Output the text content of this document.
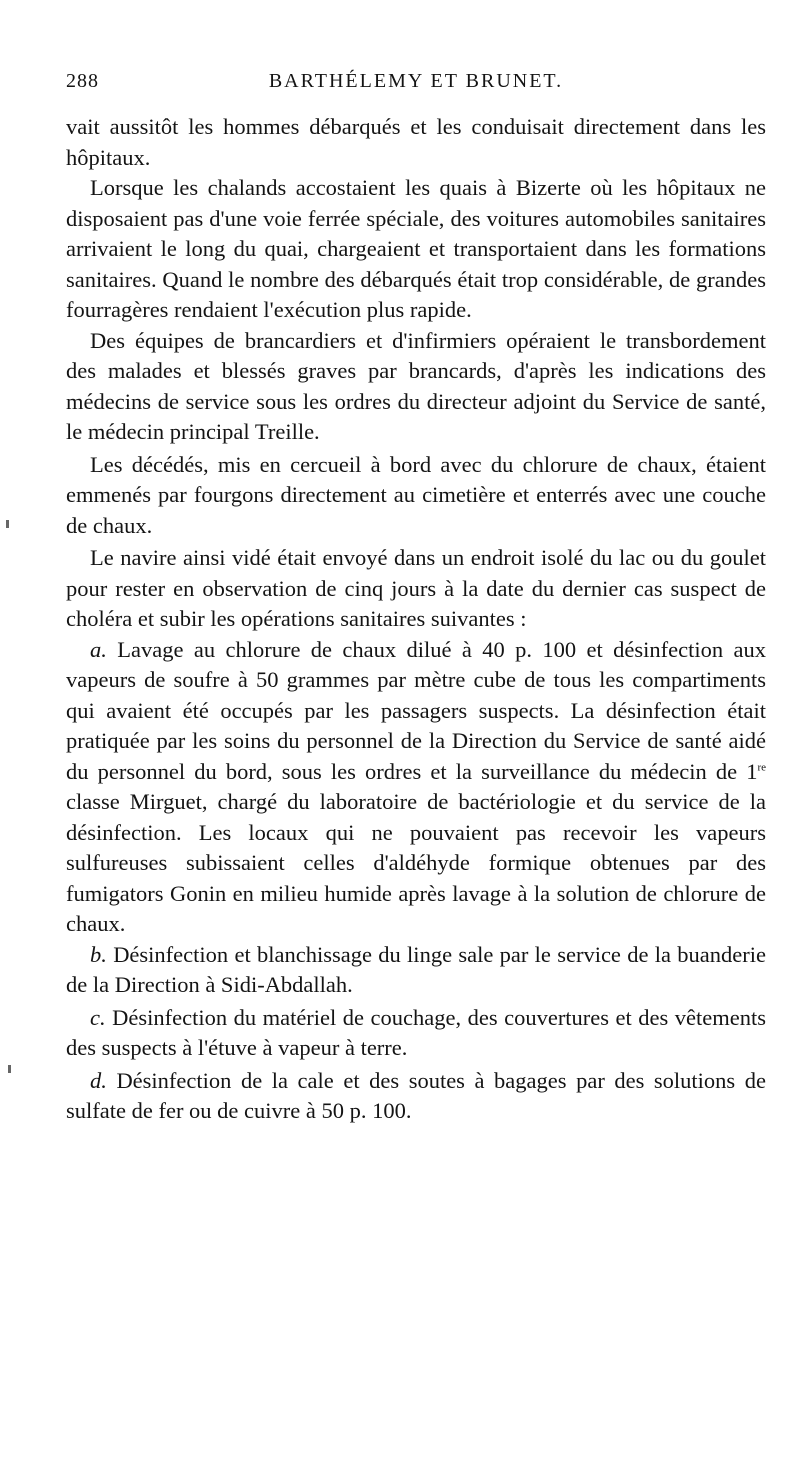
288	BARTHÉLEMY ET BRUNET.

vait aussitôt les hommes débarqués et les conduisait directement dans les hôpitaux.

Lorsque les chalands accostaient les quais à Bizerte où les hôpitaux ne disposaient pas d'une voie ferrée spéciale, des voitures automobiles sanitaires arrivaient le long du quai, chargeaient et transportaient dans les formations sanitaires. Quand le nombre des débarqués était trop considérable, de grandes fourragères rendaient l'exécution plus rapide.

Des équipes de brancardiers et d'infirmiers opéraient le transbordement des malades et blessés graves par brancards, d'après les indications des médecins de service sous les ordres du directeur adjoint du Service de santé, le médecin principal Treille.

Les décédés, mis en cercueil à bord avec du chlorure de chaux, étaient emmenés par fourgons directement au cimetière et enterrés avec une couche de chaux.

Le navire ainsi vidé était envoyé dans un endroit isolé du lac ou du goulet pour rester en observation de cinq jours à la date du dernier cas suspect de choléra et subir les opérations sanitaires suivantes :

a. Lavage au chlorure de chaux dilué à 40 p. 100 et désinfection aux vapeurs de soufre à 50 grammes par mètre cube de tous les compartiments qui avaient été occupés par les passagers suspects. La désinfection était pratiquée par les soins du personnel de la Direction du Service de santé aidé du personnel du bord, sous les ordres et la surveillance du médecin de 1re classe Mirguet, chargé du laboratoire de bactériologie et du service de la désinfection. Les locaux qui ne pouvaient pas recevoir les vapeurs sulfureuses subissaient celles d'aldéhyde formique obtenues par des fumigators Gonin en milieu humide après lavage à la solution de chlorure de chaux.

b. Désinfection et blanchissage du linge sale par le service de la buanderie de la Direction à Sidi-Abdallah.

c. Désinfection du matériel de couchage, des couvertures et des vêtements des suspects à l'étuve à vapeur à terre.

d. Désinfection de la cale et des soutes à bagages par des solutions de sulfate de fer ou de cuivre à 50 p. 100.
